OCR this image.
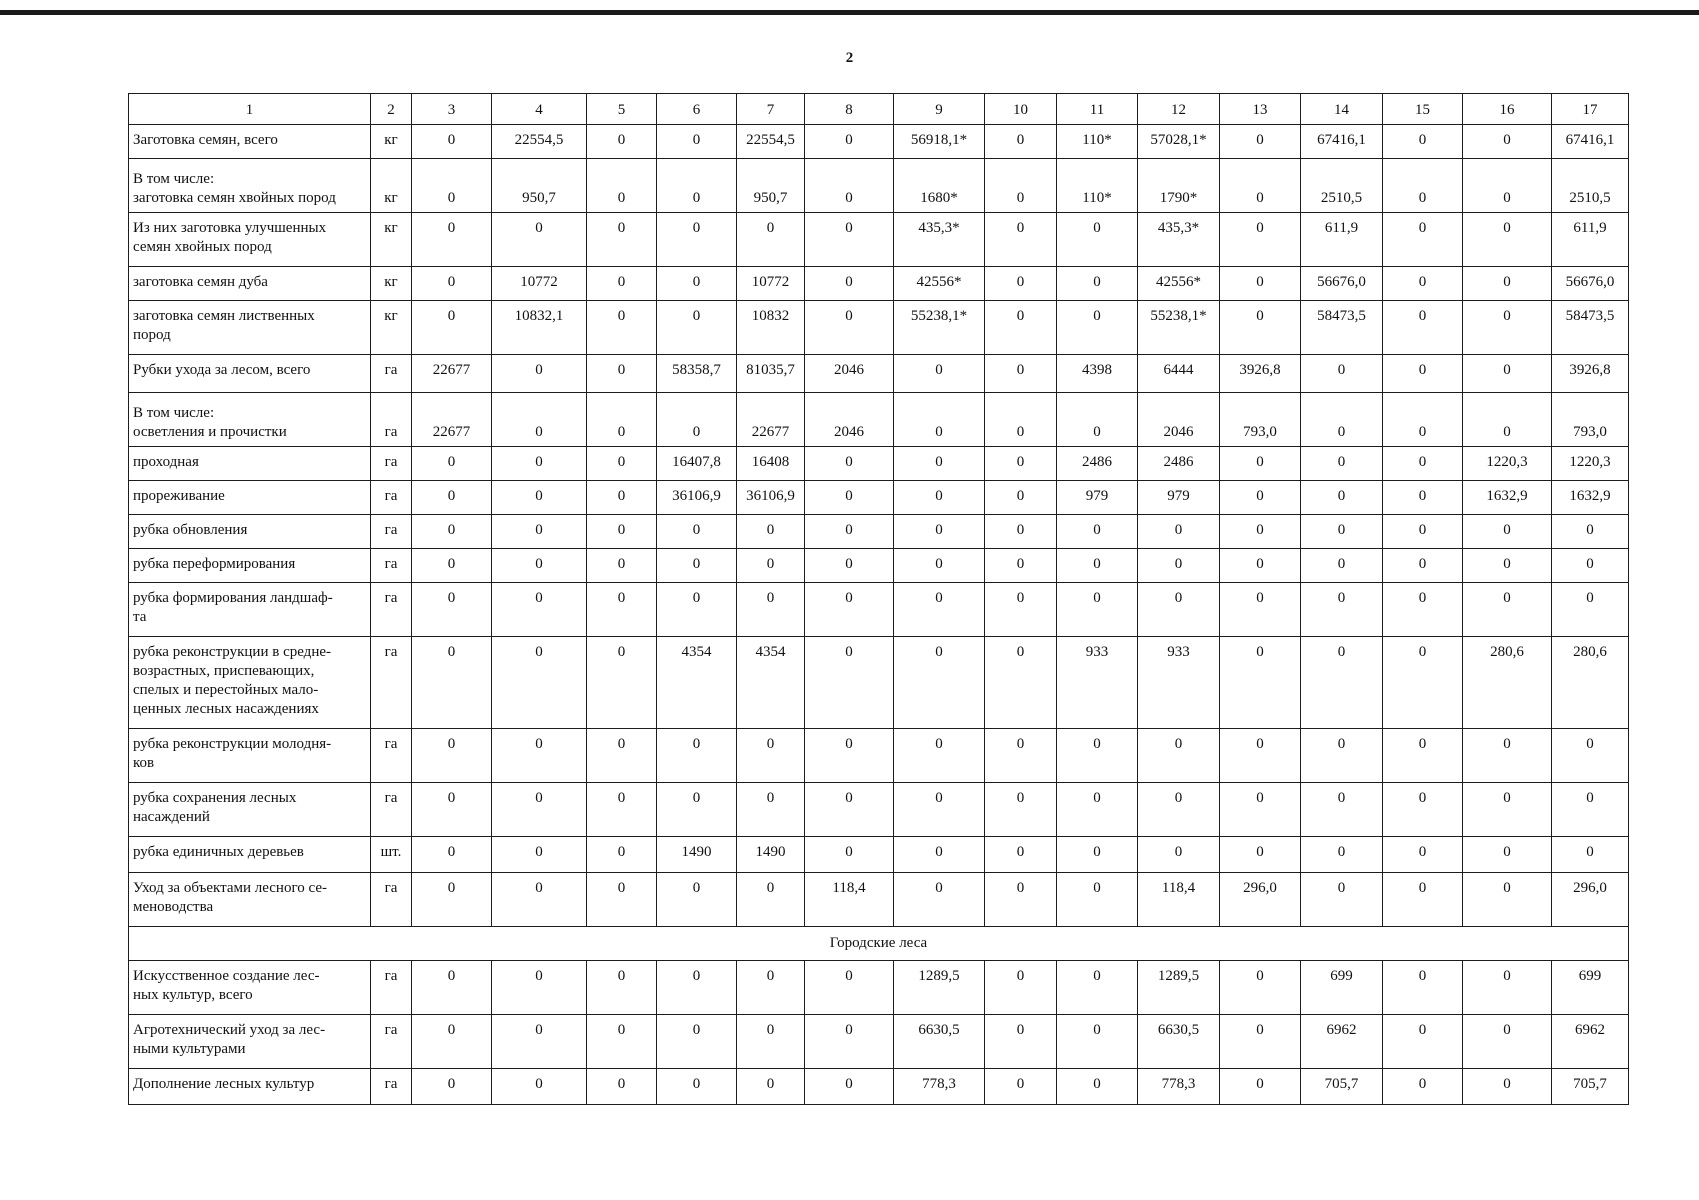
2
1	2	3	4	5	6	7	8	9	10	11	12	13	14	15	16	17

Заготовка семян, всего	кг	0	22554,5	0	0	22554,5	0	56918,1*	0	110*	57028,1*	0	67416,1	0	0	67416,1

В том числе:
заготовка семян хвойных пород	кг	0	950,7	0	0	950,7	0	1680*	0	110*	1790*	0	2510,5	0	0	2510,5

Из них заготовка улучшенных
семян хвойных пород	кг	0	0	0	0	0	0	435,3*	0	0	435,3*	0	611,9	0	0	611,9

заготовка семян дуба	кг	0	10772	0	0	10772	0	42556*	0	0	42556*	0	56676,0	0	0	56676,0

заготовка семян лиственных
пород	кг	0	10832,1	0	0	10832	0	55238,1*	0	0	55238,1*	0	58473,5	0	0	58473,5

Рубки ухода за лесом, всего	га	22677	0	0	58358,7	81035,7	2046	0	0	4398	6444	3926,8	0	0	0	3926,8

В том числе:
осветления и прочистки	га	22677	0	0	0	22677	2046	0	0	0	2046	793,0	0	0	0	793,0

проходная	га	0	0	0	16407,8	16408	0	0	0	2486	2486	0	0	0	1220,3	1220,3

прореживание	га	0	0	0	36106,9	36106,9	0	0	0	979	979	0	0	0	1632,9	1632,9

рубка обновления	га	0	0	0	0	0	0	0	0	0	0	0	0	0	0	0

рубка переформирования	га	0	0	0	0	0	0	0	0	0	0	0	0	0	0	0

рубка формирования ландшаф-
та	га	0	0	0	0	0	0	0	0	0	0	0	0	0	0	0

рубка реконструкции в средне-
возрастных, приспевающих,
спелых и перестойных мало-
ценных лесных насаждениях	га	0	0	0	4354	4354	0	0	0	933	933	0	0	0	280,6	280,6

рубка реконструкции молодня-
ков	га	0	0	0	0	0	0	0	0	0	0	0	0	0	0	0

рубка сохранения лесных
насаждений	га	0	0	0	0	0	0	0	0	0	0	0	0	0	0	0

рубка единичных деревьев	шт.	0	0	0	1490	1490	0	0	0	0	0	0	0	0	0	0

Уход за объектами лесного се-
меноводства	га	0	0	0	0	0	118,4	0	0	0	118,4	296,0	0	0	0	296,0
Городские леса																

Искусственное создание лес-
ных культур, всего	га	0	0	0	0	0	0	1289,5	0	0	1289,5	0	699	0	0	699

Агротехнический уход за лес-
ными культурами	га	0	0	0	0	0	0	6630,5	0	0	6630,5	0	6962	0	0	6962

Дополнение лесных культур	га	0	0	0	0	0	0	778,3	0	0	778,3	0	705,7	0	0	705,7
